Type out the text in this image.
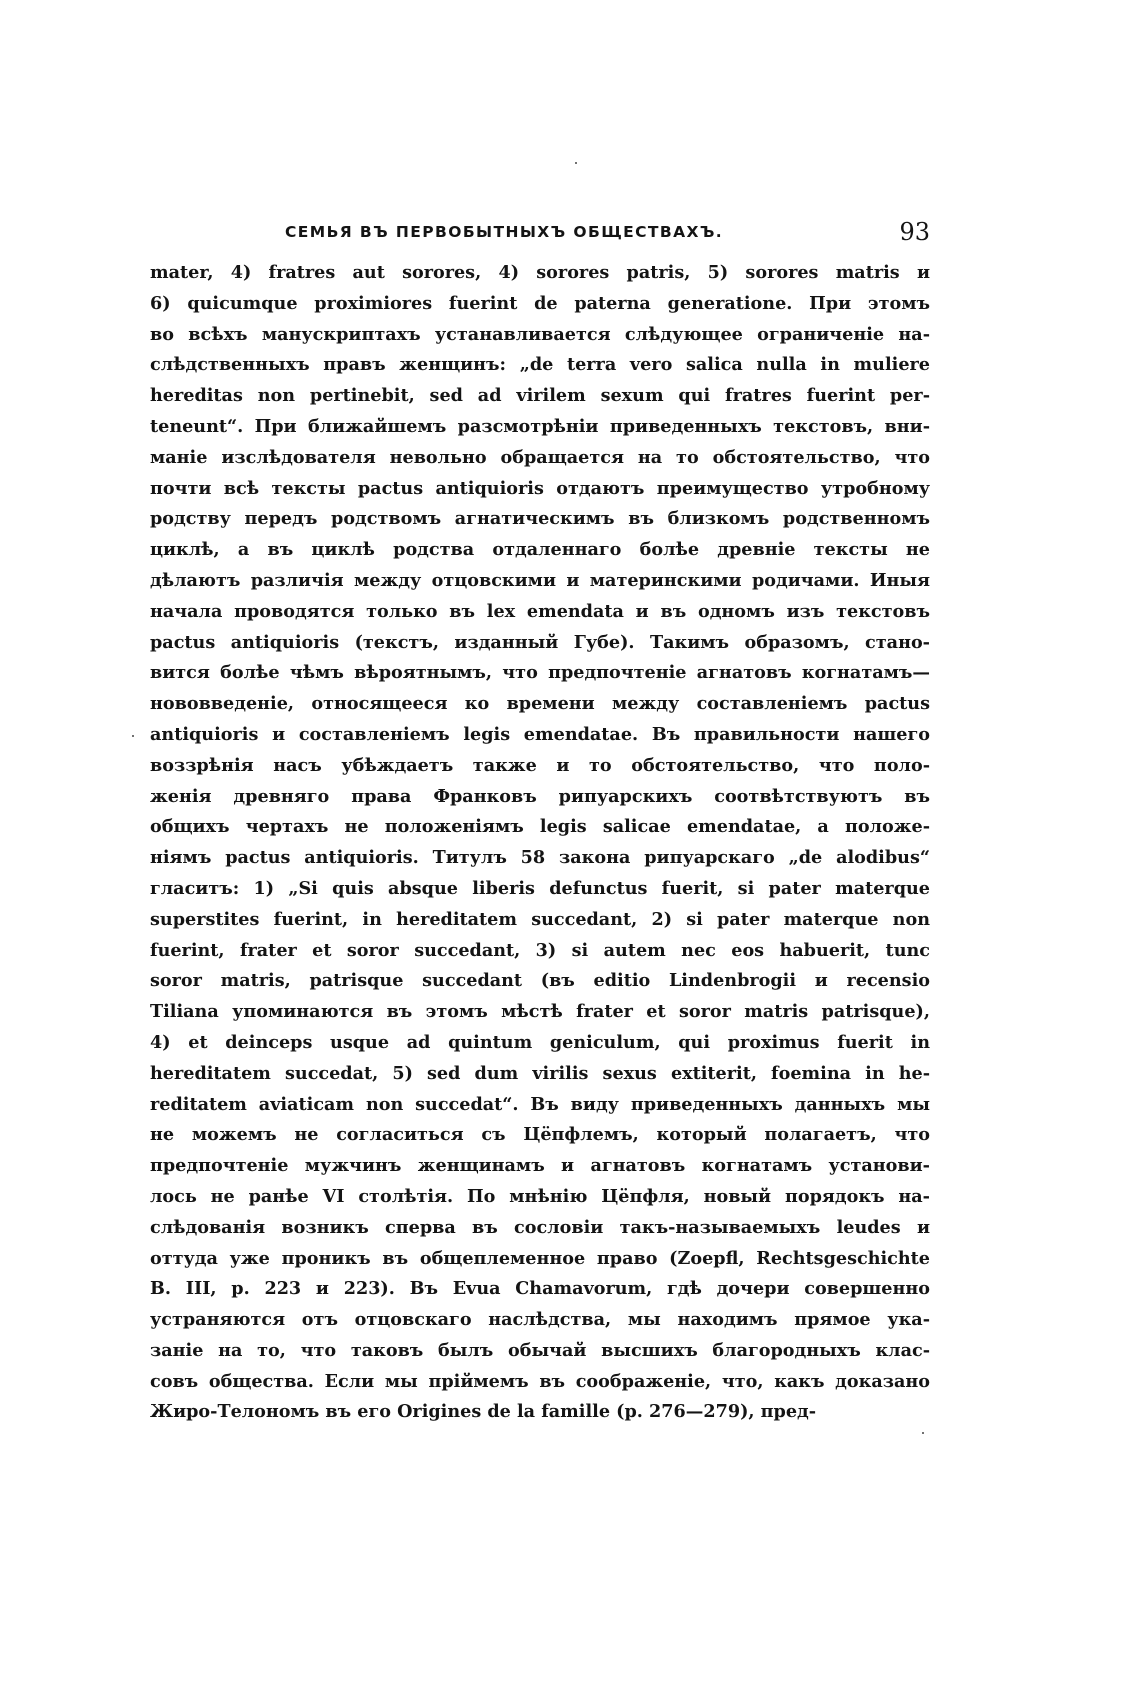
СЕМЬЯ ВЪ ПЕРВОБЫТНЫХЪ ОБЩЕСТВАХЪ.	93
mater, 4) fratres aut sorores, 4) sorores patris, 5) sorores matris и
6) quicumque proximiores fuerint de paterna generatione. При этомъ
во всѣхъ манускриптахъ устанавливается слѣдующее ограниченіе на-
слѣдственныхъ правъ женщинъ: „de terra vero salica nulla in muliere
hereditas non pertinebit, sed ad virilem sexum qui fratres fuerint per-
teneunt“. При ближайшемъ разсмотрѣніи приведенныхъ текстовъ, вни-
маніе изслѣдователя невольно обращается на то обстоятельство, что
почти всѣ тексты pactus antiquioris отдаютъ преимущество утробному
родству передъ родствомъ агнатическимъ въ близкомъ родственномъ
циклѣ, а въ циклѣ родства отдаленнаго болѣе древніе тексты не
дѣлаютъ различія между отцовскими и материнскими родичами. Иныя
начала проводятся только въ lex emendata и въ одномъ изъ текстовъ
pactus antiquioris (текстъ, изданный Губе). Такимъ образомъ, стано-
вится болѣе чѣмъ вѣроятнымъ, что предпочтеніе агнатовъ когнатамъ—
нововведеніе, относящееся ко времени между составленіемъ pactus
antiquioris и составленіемъ legis emendatae. Въ правильности нашего
воззрѣнія насъ убѣждаетъ также и то обстоятельство, что поло-
женія древняго права Франковъ рипуарскихъ соотвѣтствуютъ въ
общихъ чертахъ не положеніямъ legis salicae emendatae, а положе-
ніямъ pactus antiquioris. Титулъ 58 закона рипуарскаго „de alodibus“
гласитъ: 1) „Si quis absque liberis defunctus fuerit, si pater materque
superstites fuerint, in hereditatem succedant, 2) si pater materque non
fuerint, frater et soror succedant, 3) si autem nec eos habuerit, tunc
soror matris, patrisque succedant (въ editio Lindenbrogii и recensio
Tiliana упоминаются въ этомъ мѣстѣ frater et soror matris patrisque),
4) et deinceps usque ad quintum geniculum, qui proximus fuerit in
hereditatem succedat, 5) sed dum virilis sexus extiterit, foemina in he-
reditatem aviaticam non succedat“. Въ виду приведенныхъ данныхъ мы
не можемъ не согласиться съ Цёпфлемъ, который полагаетъ, что
предпочтеніе мужчинъ женщинамъ и агнатовъ когнатамъ установи-
лось не ранѣе VI столѣтія. По мнѣнію Цёпфля, новый порядокъ на-
слѣдованія возникъ сперва въ сословіи такъ-называемыхъ leudes и
оттуда уже проникъ въ общеплеменное право (Zoepfl, Rechtsgeschichte
B. III, p. 223 и 223). Въ Evua Chamavorum, гдѣ дочери совершенно
устраняются отъ отцовскаго наслѣдства, мы находимъ прямое ука-
заніе на то, что таковъ былъ обычай высшихъ благородныхъ клас-
совъ общества. Если мы пріймемъ въ соображеніе, что, какъ доказано
Жиро-Телономъ въ его Origines de la famille (p. 276—279), пред-
